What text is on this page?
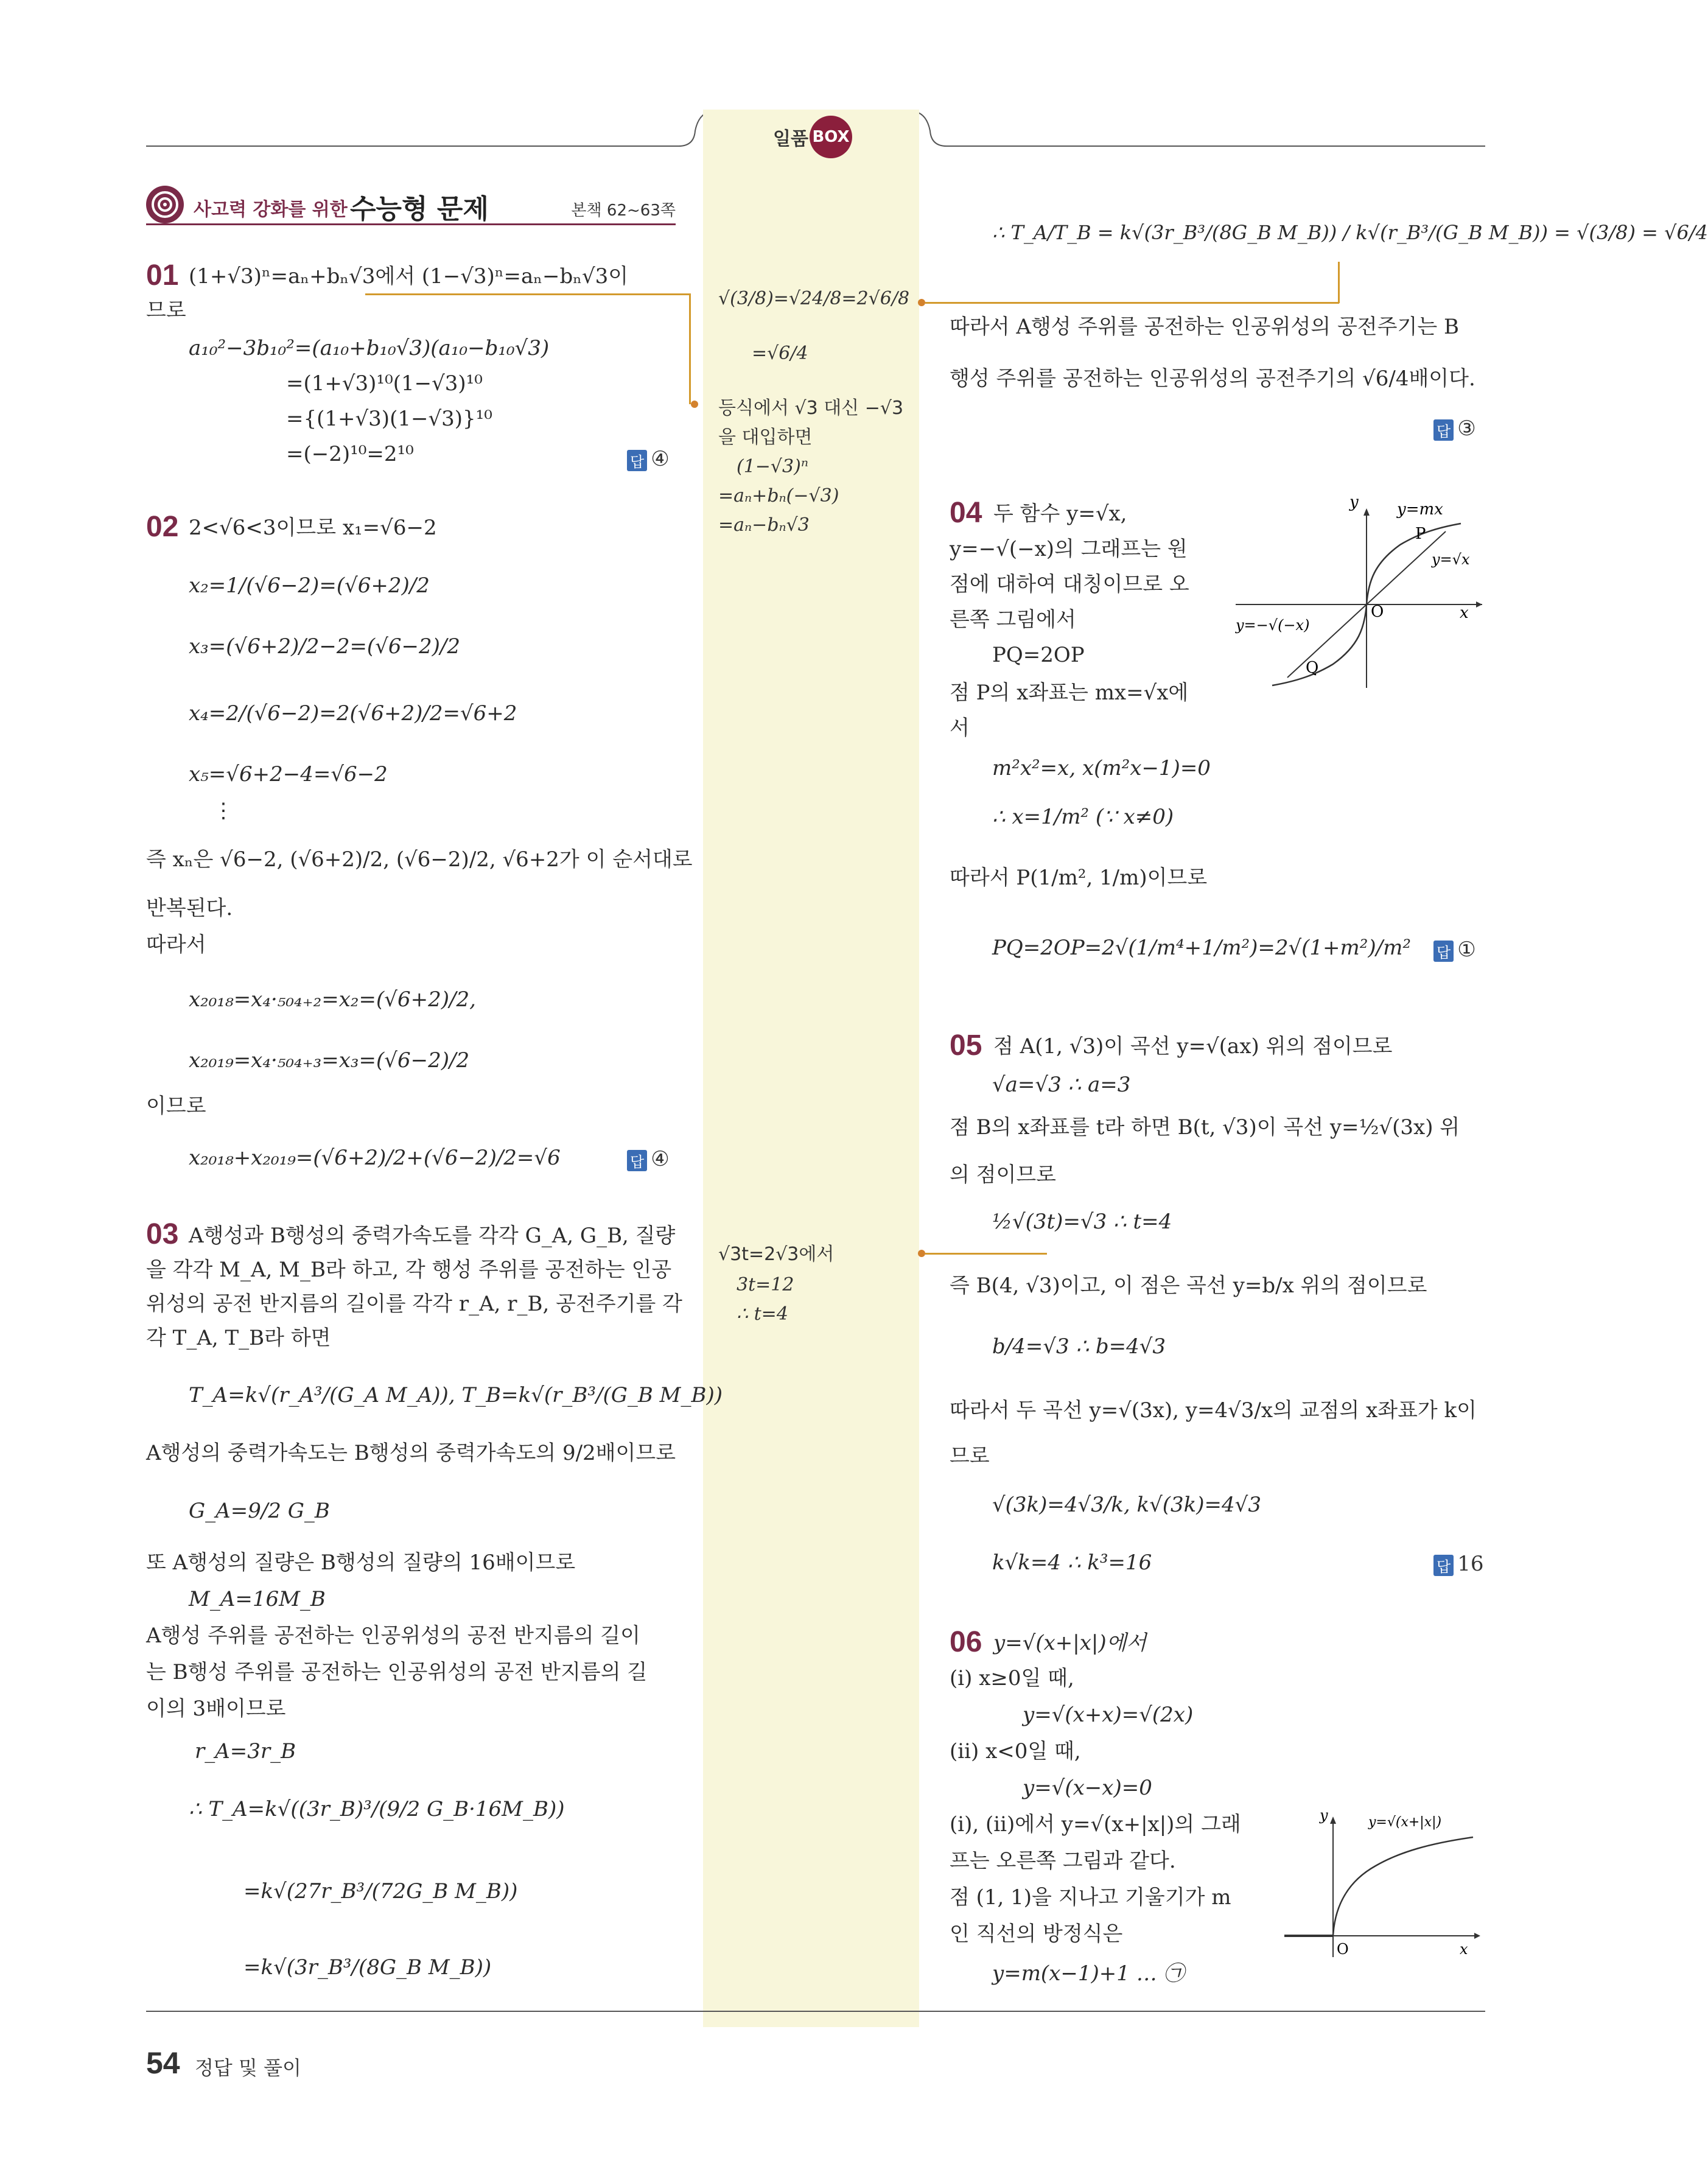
일품 BOX
사고력 강화를 위한 수능형 문제	본책 62~63쪽
01 (1+√3)ⁿ=aₙ+bₙ√3에서 (1−√3)ⁿ=aₙ−bₙ√3이
므로
a₁₀²−3b₁₀²=(a₁₀+b₁₀√3)(a₁₀−b₁₀√3)
=(1+√3)¹⁰(1−√3)¹⁰
={(1+√3)(1−√3)}¹⁰
=(−2)¹⁰=2¹⁰	답 ④
02 2<√6<3이므로 x₁=√6−2
x₂=1/(√6−2)=(√6+2)/2
x₃=(√6+2)/2−2=(√6−2)/2
x₄=2/(√6−2)=2(√6+2)/2=√6+2
x₅=√6+2−4=√6−2
⋮
즉 xₙ은 √6−2, (√6+2)/2, (√6−2)/2, √6+2가 이 순서대로
반복된다.
따라서
x₂₀₁₈=x₄·₅₀₄₊₂=x₂=(√6+2)/2,
x₂₀₁₉=x₄·₅₀₄₊₃=x₃=(√6−2)/2
이므로
x₂₀₁₈+x₂₀₁₉=(√6+2)/2+(√6−2)/2=√6	답 ④
03 A행성과 B행성의 중력가속도를 각각 G_A, G_B, 질량
을 각각 M_A, M_B라 하고, 각 행성 주위를 공전하는 인공
위성의 공전 반지름의 길이를 각각 r_A, r_B, 공전주기를 각
각 T_A, T_B라 하면
T_A=k√(r_A³/(G_A M_A)), T_B=k√(r_B³/(G_B M_B))
A행성의 중력가속도는 B행성의 중력가속도의 9/2배이므로
G_A=9/2 G_B
또 A행성의 질량은 B행성의 질량의 16배이므로
M_A=16M_B
A행성 주위를 공전하는 인공위성의 공전 반지름의 길이
는 B행성 주위를 공전하는 인공위성의 공전 반지름의 길
이의 3배이므로
r_A=3r_B
∴ T_A=k√((3r_B)³/(9/2 G_B·16M_B))
=k√(27r_B³/(72G_B M_B))
=k√(3r_B³/(8G_B M_B))
∴ T_A/T_B = k√(3r_B³/(8G_B M_B)) / k√(r_B³/(G_B M_B)) = √(3/8) = √6/4
따라서 A행성 주위를 공전하는 인공위성의 공전주기는 B
행성 주위를 공전하는 인공위성의 공전주기의 √6/4배이다.
답 ③
√(3/8)=√24/8=2√6/8
=√6/4
등식에서 √3 대신 −√3
을 대입하면
(1−√3)ⁿ
=aₙ+bₙ(−√3)
=aₙ−bₙ√3
√3t=2√3에서
3t=12
∴ t=4
04 두 함수 y=√x,
y=−√(−x)의 그래프는 원
점에 대하여 대칭이므로 오
른쪽 그림에서
PQ=2OP
점 P의 x좌표는 mx=√x에
서
m²x²=x, x(m²x−1)=0
∴ x=1/m² (∵ x≠0)
따라서 P(1/m², 1/m)이므로
PQ=2OP=2√(1/m⁴+1/m²)=2√(1+m²)/m² 답 ①
y
x
O
y=mx
y=√x
y=−√(−x)
P
Q
05 점 A(1, √3)이 곡선 y=√(ax) 위의 점이므로
√a=√3 ∴ a=3
점 B의 x좌표를 t라 하면 B(t, √3)이 곡선 y=½√(3x) 위
의 점이므로
½√(3t)=√3 ∴ t=4
즉 B(4, √3)이고, 이 점은 곡선 y=b/x 위의 점이므로
b/4=√3 ∴ b=4√3
따라서 두 곡선 y=√(3x), y=4√3/x의 교점의 x좌표가 k이
므로
√(3k)=4√3/k, k√(3k)=4√3
k√k=4 ∴ k³=16	답 16
06 y=√(x+|x|)에서
(ⅰ) x≥0일 때,
y=√(x+x)=√(2x)
(ⅱ) x<0일 때,
y=√(x−x)=0
(ⅰ), (ⅱ)에서 y=√(x+|x|)의 그래
프는 오른쪽 그림과 같다.
점 (1, 1)을 지나고 기울기가 m
인 직선의 방정식은
y=m(x−1)+1 … ㉠
y
x
O
y=√(x+|x|)
54 정답 및 풀이
